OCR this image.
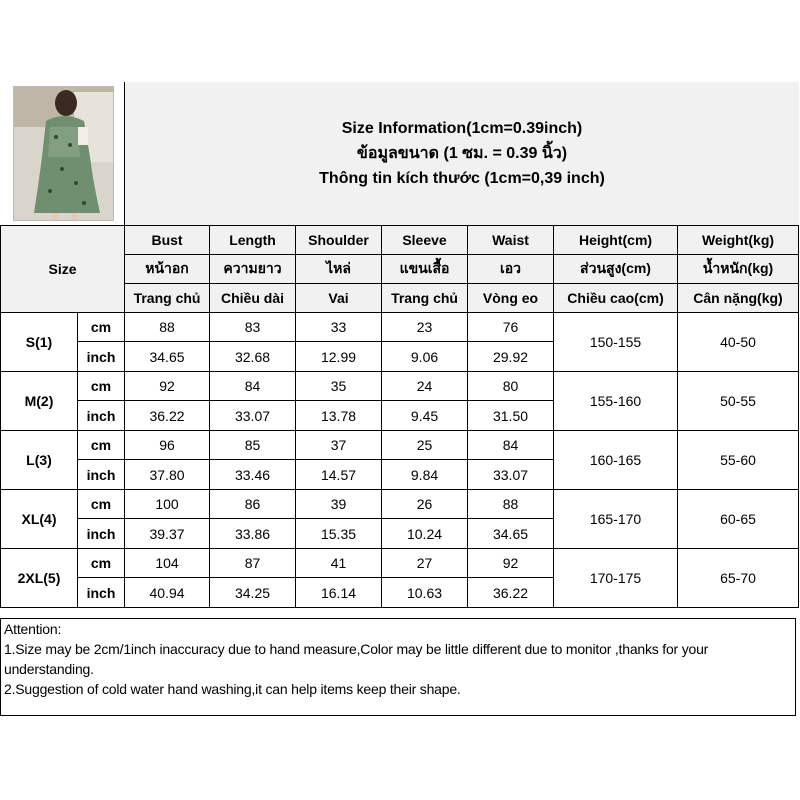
Size Information(1cm=0.39inch)
ข้อมูลขนาด (1 ซม. = 0.39 นิ้ว)
Thông tin kích thước (1cm=0,39 inch)
Size		Bust	Length	Shoulder	Sleeve	Waist	Height(cm)	Weight(kg)
		หน้าอก	ความยาว	ไหล่	แขนเสื้อ	เอว	ส่วนสูง(cm)	น้ำหนัก(kg)
		Trang chủ	Chiều dài	Vai	Trang chủ	Vòng eo	Chiều cao(cm)	Cân nặng(kg)
S(1)	cm	88	83	33	23	76	150-155	40-50
	inch	34.65	32.68	12.99	9.06	29.92		
M(2)	cm	92	84	35	24	80	155-160	50-55
	inch	36.22	33.07	13.78	9.45	31.50		
L(3)	cm	96	85	37	25	84	160-165	55-60
	inch	37.80	33.46	14.57	9.84	33.07		
XL(4)	cm	100	86	39	26	88	165-170	60-65
	inch	39.37	33.86	15.35	10.24	34.65		
2XL(5)	cm	104	87	41	27	92	170-175	65-70
	inch	40.94	34.25	16.14	10.63	36.22		
Attention:
1.Size may be 2cm/1inch inaccuracy due to hand measure,Color may be little different due to monitor ,thanks for your understanding.
2.Suggestion of cold water hand washing,it can help items keep their shape.
